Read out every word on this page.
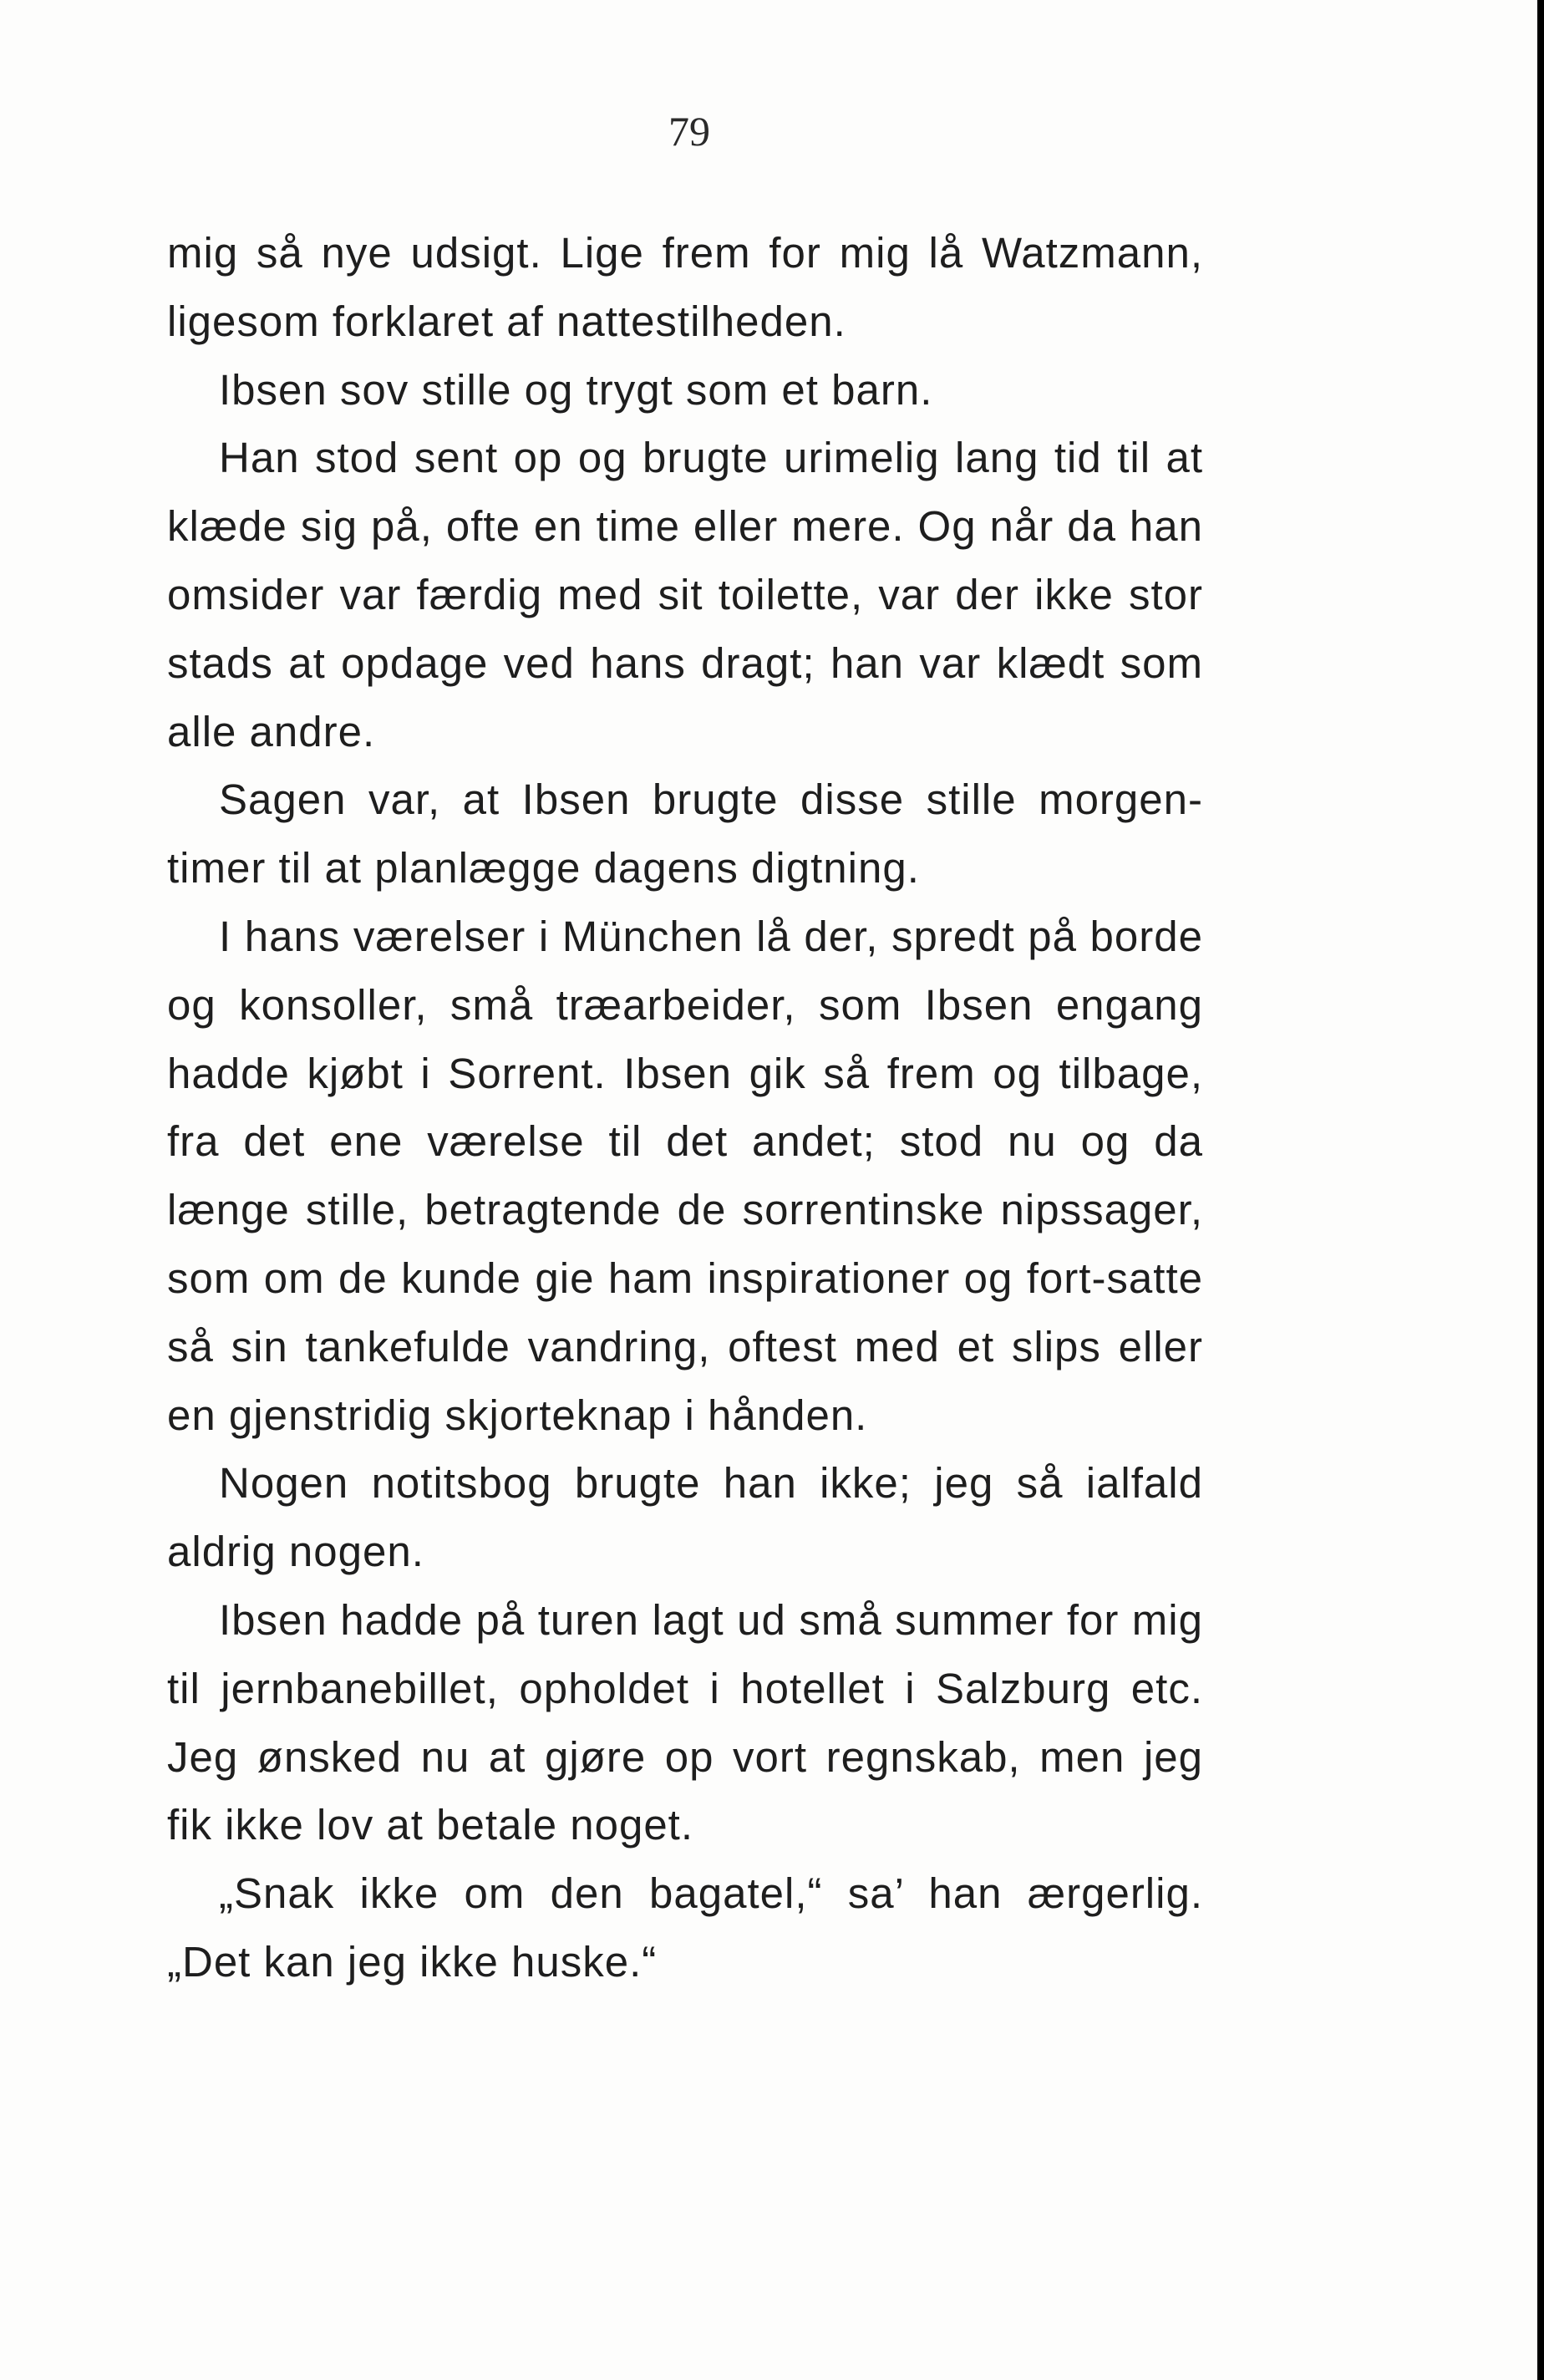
79

mig så nye udsigt. Lige frem for mig lå Watzmann, ligesom forklaret af nattestilheden.

Ibsen sov stille og trygt som et barn.

Han stod sent op og brugte urimelig lang tid til at klæde sig på, ofte en time eller mere. Og når da han omsider var færdig med sit toilette, var der ikke stor stads at opdage ved hans dragt; han var klædt som alle andre.

Sagen var, at Ibsen brugte disse stille morgen-timer til at planlægge dagens digtning.

I hans værelser i München lå der, spredt på borde og konsoller, små træarbeider, som Ibsen engang hadde kjøbt i Sorrent. Ibsen gik så frem og tilbage, fra det ene værelse til det andet; stod nu og da længe stille, betragtende de sorrentinske nipssager, som om de kunde gie ham inspirationer og fort-satte så sin tankefulde vandring, oftest med et slips eller en gjenstridig skjorteknap i hånden.

Nogen notitsbog brugte han ikke; jeg så ialfald aldrig nogen.

Ibsen hadde på turen lagt ud små summer for mig til jernbanebillet, opholdet i hotellet i Salzburg etc. Jeg ønsked nu at gjøre op vort regnskab, men jeg fik ikke lov at betale noget.

„Snak ikke om den bagatel,“ sa’ han ærgerlig. „Det kan jeg ikke huske.“
